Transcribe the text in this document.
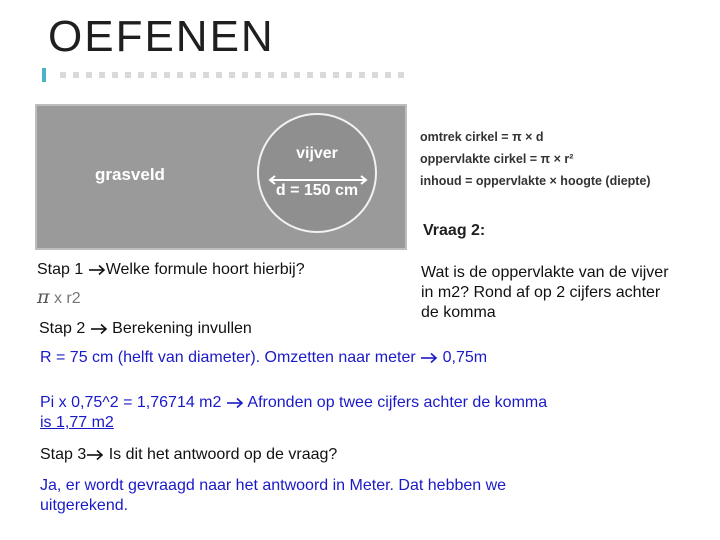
OEFENEN
grasveld
vijver
d = 150 cm
omtrek cirkel = π × d
oppervlakte cirkel = π × r²
inhoud = oppervlakte × hoogte (diepte)
Vraag 2:
Wat is de oppervlakte van de vijver in m2? Rond af op 2 cijfers achter de komma
Stap 1 Welke formule hoort hierbij?
π x r2
Stap 2 Berekening invullen
R = 75 cm (helft van diameter). Omzetten naar meter 0,75m
Pi x 0,75^2 = 1,76714 m2 Afronden op twee cijfers achter de komma
is 1,77 m2
Stap 3 Is dit het antwoord op de vraag?
Ja, er wordt gevraagd naar het antwoord in Meter. Dat hebben we uitgerekend.
